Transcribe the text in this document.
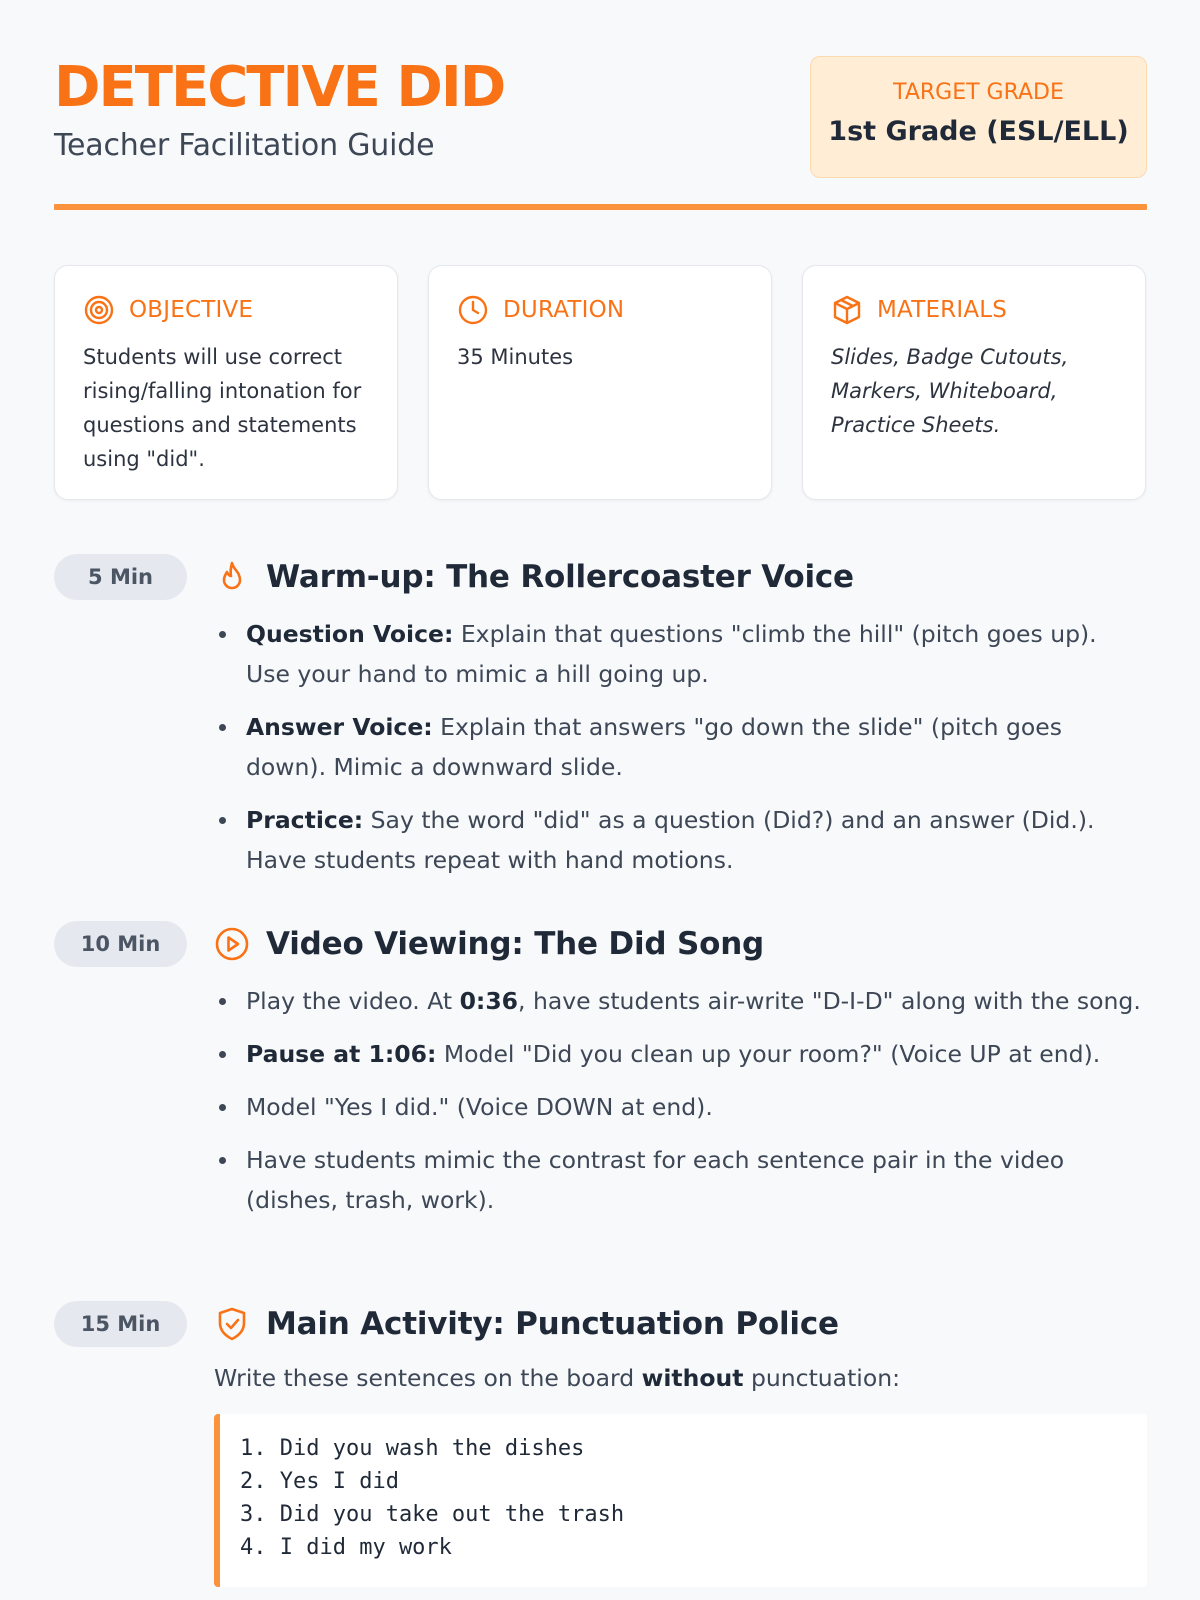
DETECTIVE DID
Teacher Facilitation Guide
TARGET GRADE
1st Grade (ESL/ELL)
OBJECTIVE
Students will use correct rising/falling intonation for questions and statements using "did".
DURATION
35 Minutes
MATERIALS
Slides, Badge Cutouts, Markers, Whiteboard, Practice Sheets.
5 Min	Warm-up: The Rollercoaster Voice
Question Voice: Explain that questions "climb the hill" (pitch goes up). Use your hand to mimic a hill going up.
Answer Voice: Explain that answers "go down the slide" (pitch goes down). Mimic a downward slide.
Practice: Say the word "did" as a question (Did?) and an answer (Did.). Have students repeat with hand motions.
10 Min	Video Viewing: The Did Song
Play the video. At 0:36, have students air-write "D-I-D" along with the song.
Pause at 1:06: Model "Did you clean up your room?" (Voice UP at end).
Model "Yes I did." (Voice DOWN at end).
Have students mimic the contrast for each sentence pair in the video (dishes, trash, work).
15 Min	Main Activity: Punctuation Police
Write these sentences on the board without punctuation:
1. Did you wash the dishes
2. Yes I did
3. Did you take out the trash
4. I did my work
